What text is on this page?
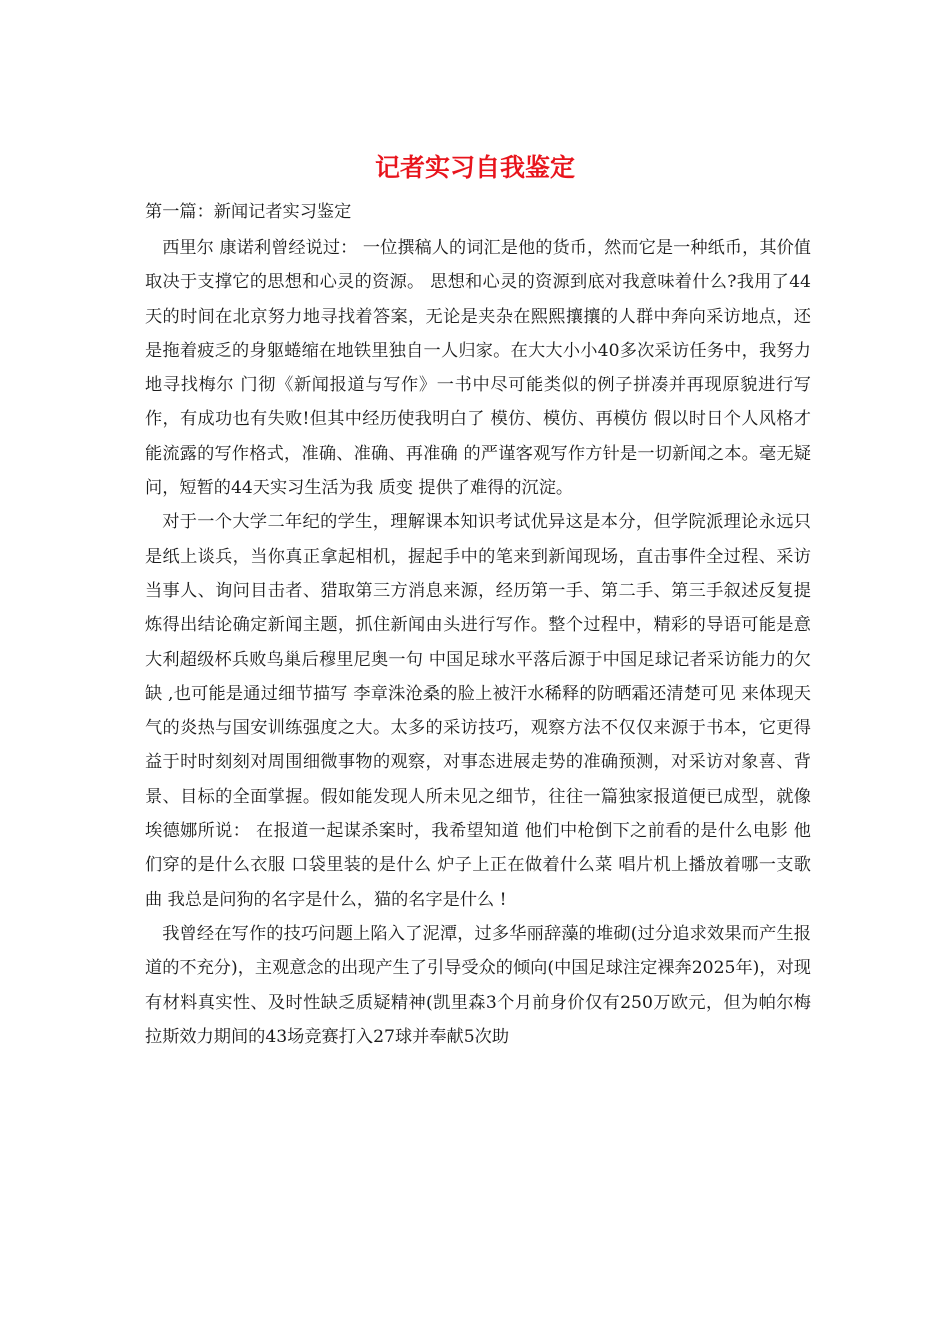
记者实习自我鉴定
第一篇：新闻记者实习鉴定

西里尔 康诺利曾经说过： 一位撰稿人的词汇是他的货币，然而它是一种纸币，其价值取决于支撑它的思想和心灵的资源。 思想和心灵的资源到底对我意味着什么?我用了44天的时间在北京努力地寻找着答案，无论是夹杂在熙熙攘攘的人群中奔向采访地点，还是拖着疲乏的身躯蜷缩在地铁里独自一人归家。在大大小小40多次采访任务中，我努力地寻找梅尔 门彻《新闻报道与写作》一书中尽可能类似的例子拼凑并再现原貌进行写作，有成功也有失败!但其中经历使我明白了 模仿、模仿、再模仿 假以时日个人风格才能流露的写作格式，准确、准确、再准确 的严谨客观写作方针是一切新闻之本。毫无疑问，短暂的44天实习生活为我 质变 提供了难得的沉淀。

对于一个大学二年纪的学生，理解课本知识考试优异这是本分，但学院派理论永远只是纸上谈兵，当你真正拿起相机，握起手中的笔来到新闻现场，直击事件全过程、采访当事人、询问目击者、猎取第三方消息来源，经历第一手、第二手、第三手叙述反复提炼得出结论确定新闻主题，抓住新闻由头进行写作。整个过程中，精彩的导语可能是意大利超级杯兵败鸟巢后穆里尼奥一句 中国足球水平落后源于中国足球记者采访能力的欠缺 ,也可能是通过细节描写 李章洙沧桑的脸上被汗水稀释的防晒霜还清楚可见 来体现天气的炎热与国安训练强度之大。太多的采访技巧，观察方法不仅仅来源于书本，它更得益于时时刻刻对周围细微事物的观察，对事态进展走势的准确预测，对采访对象喜、背景、目标的全面掌握。假如能发现人所未见之细节，往往一篇独家报道便已成型，就像埃德娜所说： 在报道一起谋杀案时，我希望知道 他们中枪倒下之前看的是什么电影 他们穿的是什么衣服 口袋里装的是什么 炉子上正在做着什么菜 唱片机上播放着哪一支歌曲 我总是问狗的名字是什么，猫的名字是什么 !

我曾经在写作的技巧问题上陷入了泥潭，过多华丽辞藻的堆砌(过分追求效果而产生报道的不充分)，主观意念的出现产生了引导受众的倾向(中国足球注定裸奔2025年)，对现有材料真实性、及时性缺乏质疑精神(凯里森3个月前身价仅有250万欧元，但为帕尔梅拉斯效力期间的43场竞赛打入27球并奉献5次助
